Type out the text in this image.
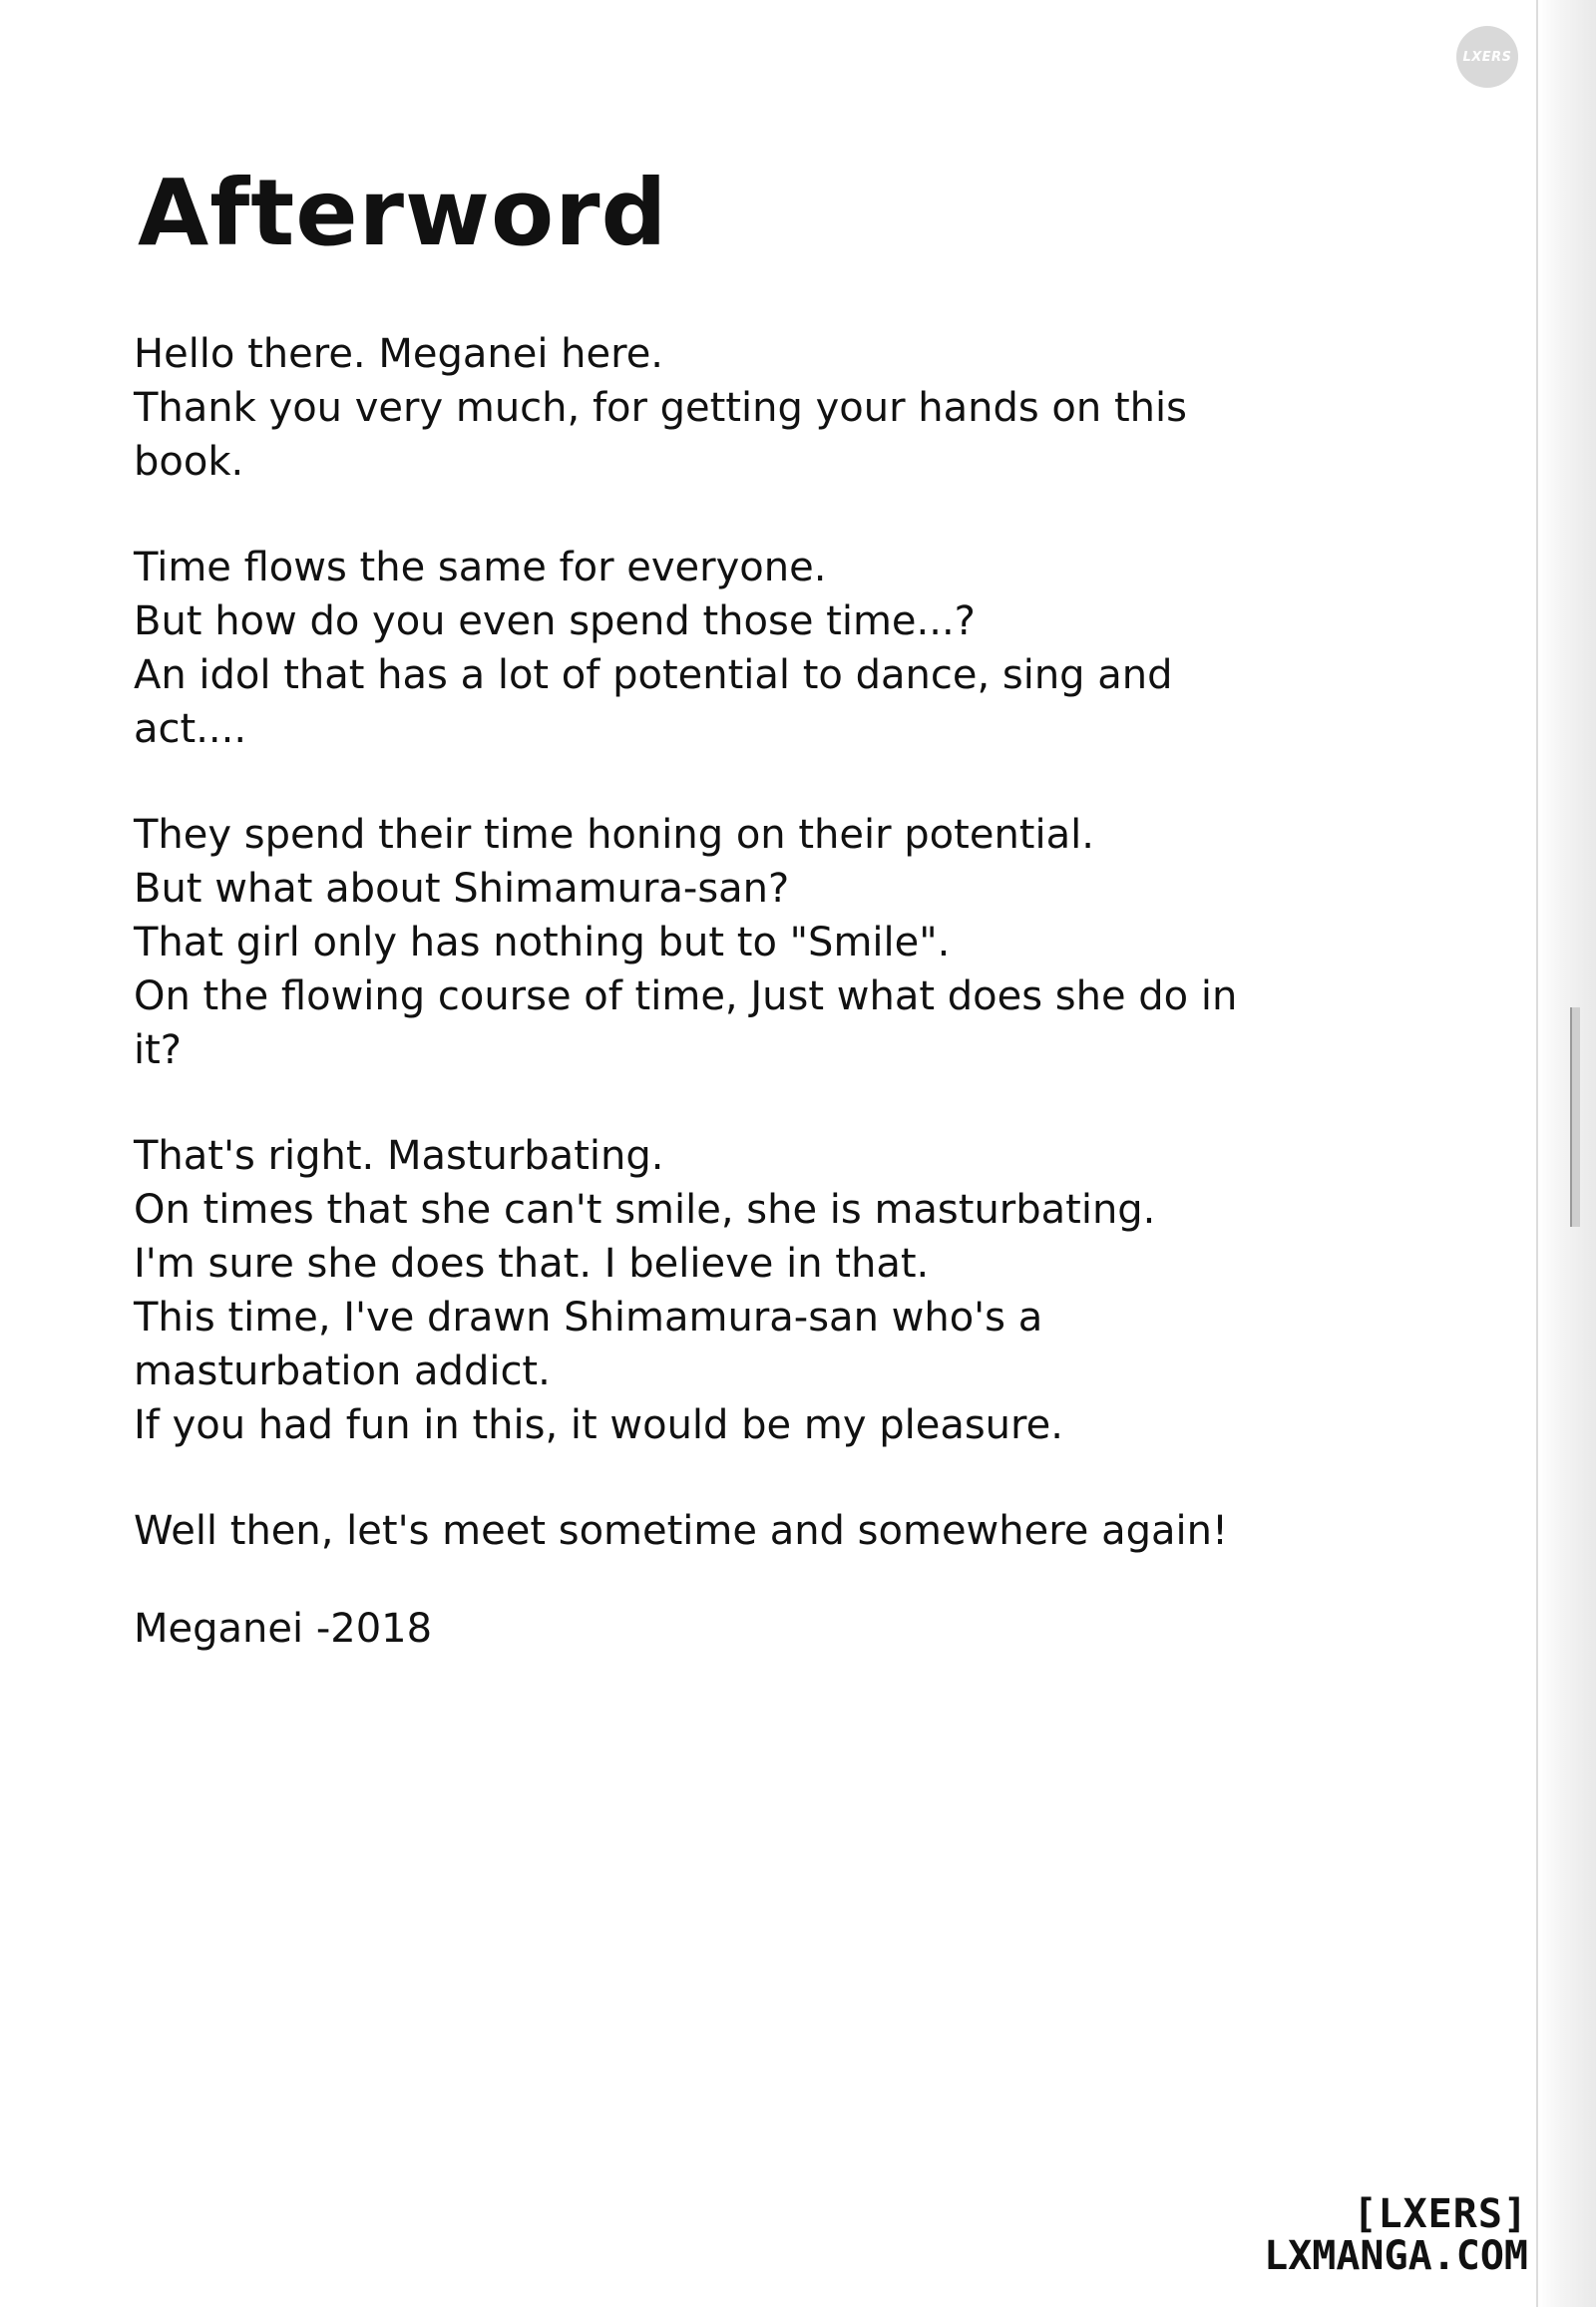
LXERS
Afterword
Hello there. Meganei here.
Thank you very much, for getting your hands on this
book.
Time flows the same for everyone.
But how do you even spend those time...?
An idol that has a lot of potential to dance, sing and
act....
They spend their time honing on their potential.
But what about Shimamura-san?
That girl only has nothing but to "Smile".
On the flowing course of time, Just what does she do in
it?
That's right. Masturbating.
On times that she can't smile, she is masturbating.
I'm sure she does that. I believe in that.
This time, I've drawn Shimamura-san who's a
masturbation addict.
If you had fun in this, it would be my pleasure.

Well then, let's meet sometime and somewhere again!

Meganei -2018

[LXERS]
LXMANGA.COM
